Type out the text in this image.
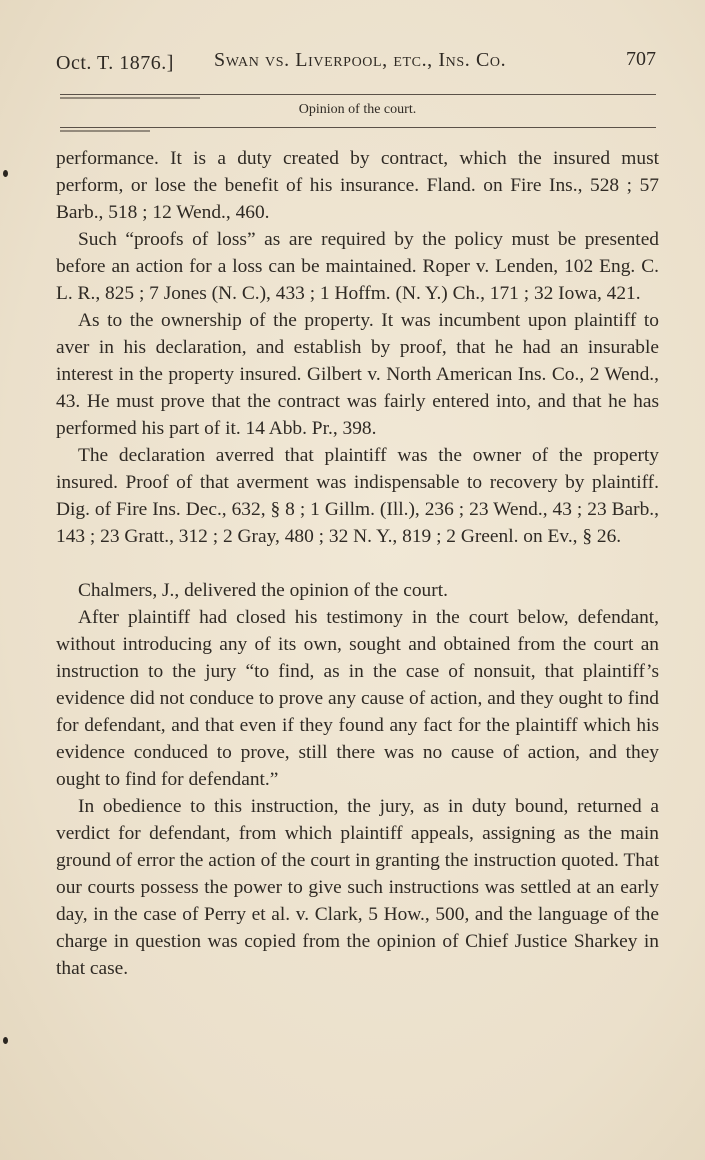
Oct. T. 1876.] Swan vs. Liverpool, etc., Ins. Co.	707
Opinion of the court.

performance. It is a duty created by contract, which the insured must perform, or lose the benefit of his insurance. Fland. on Fire Ins., 528 ; 57 Barb., 518 ; 12 Wend., 460.

Such “proofs of loss” as are required by the policy must be presented before an action for a loss can be maintained. Roper v. Lenden, 102 Eng. C. L. R., 825 ; 7 Jones (N. C.), 433 ; 1 Hoffm. (N. Y.) Ch., 171 ; 32 Iowa, 421.

As to the ownership of the property. It was incumbent upon plaintiff to aver in his declaration, and establish by proof, that he had an insurable interest in the property insured. Gilbert v. North American Ins. Co., 2 Wend., 43. He must prove that the contract was fairly entered into, and that he has performed his part of it. 14 Abb. Pr., 398.

The declaration averred that plaintiff was the owner of the property insured. Proof of that averment was indispensable to recovery by plaintiff. Dig. of Fire Ins. Dec., 632, § 8 ; 1 Gillm. (Ill.), 236 ; 23 Wend., 43 ; 23 Barb., 143 ; 23 Gratt., 312 ; 2 Gray, 480 ; 32 N. Y., 819 ; 2 Greenl. on Ev., § 26.

Chalmers, J., delivered the opinion of the court.

After plaintiff had closed his testimony in the court below, defendant, without introducing any of its own, sought and obtained from the court an instruction to the jury “to find, as in the case of nonsuit, that plaintiff’s evidence did not conduce to prove any cause of action, and they ought to find for defendant, and that even if they found any fact for the plaintiff which his evidence conduced to prove, still there was no cause of action, and they ought to find for defendant.”

In obedience to this instruction, the jury, as in duty bound, returned a verdict for defendant, from which plaintiff appeals, assigning as the main ground of error the action of the court in granting the instruction quoted. That our courts possess the power to give such instructions was settled at an early day, in the case of Perry et al. v. Clark, 5 How., 500, and the language of the charge in question was copied from the opinion of Chief Justice Sharkey in that case.
